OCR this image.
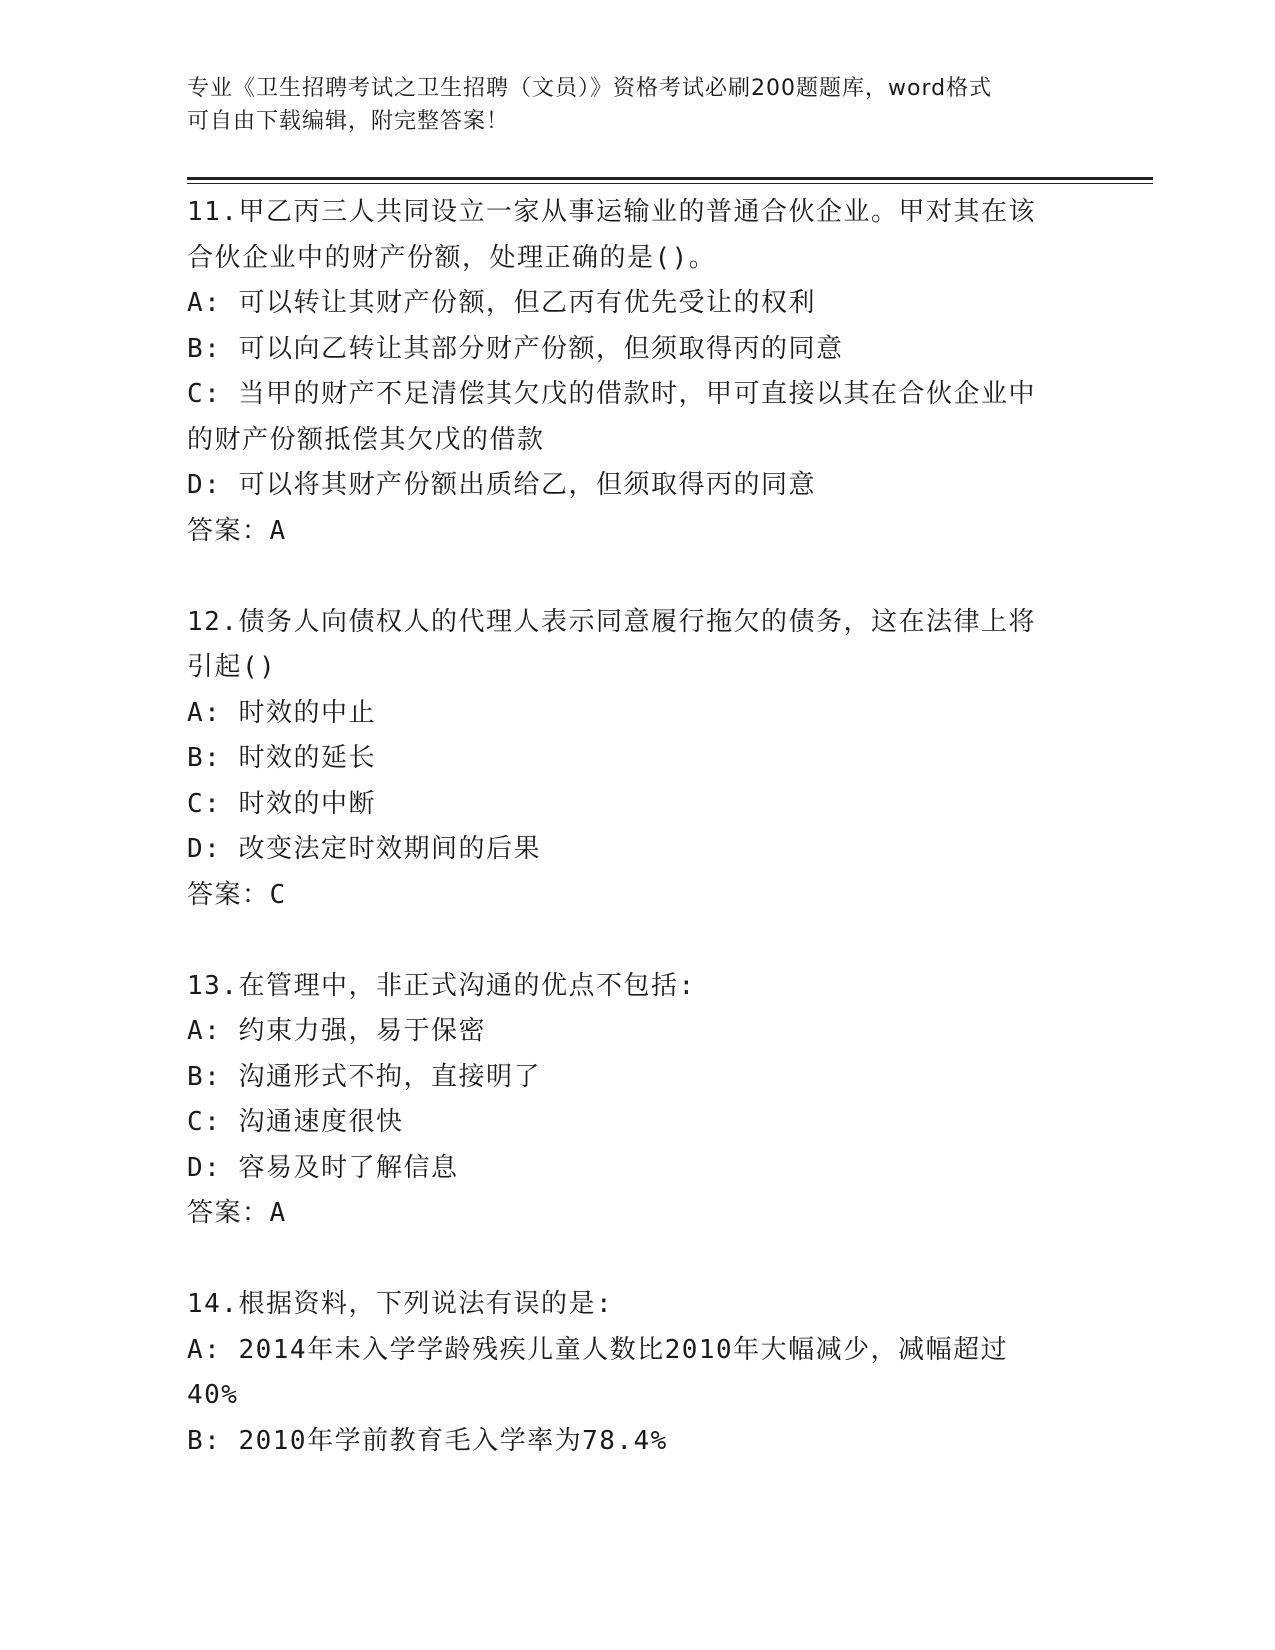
专业《卫生招聘考试之卫生招聘（文员）》资格考试必刷200题题库，word格式
可自由下载编辑，附完整答案！
11.甲乙丙三人共同设立一家从事运输业的普通合伙企业。甲对其在该
合伙企业中的财产份额，处理正确的是()。
A: 可以转让其财产份额，但乙丙有优先受让的权利
B: 可以向乙转让其部分财产份额，但须取得丙的同意
C: 当甲的财产不足清偿其欠戊的借款时，甲可直接以其在合伙企业中
的财产份额抵偿其欠戊的借款
D: 可以将其财产份额出质给乙，但须取得丙的同意
答案：A
12.债务人向债权人的代理人表示同意履行拖欠的债务，这在法律上将
引起()
A: 时效的中止
B: 时效的延长
C: 时效的中断
D: 改变法定时效期间的后果
答案：C
13.在管理中，非正式沟通的优点不包括:
A: 约束力强，易于保密
B: 沟通形式不拘，直接明了
C: 沟通速度很快
D: 容易及时了解信息
答案：A
14.根据资料，下列说法有误的是:
A: 2014年未入学学龄残疾儿童人数比2010年大幅减少，减幅超过
40%
B: 2010年学前教育毛入学率为78.4%
